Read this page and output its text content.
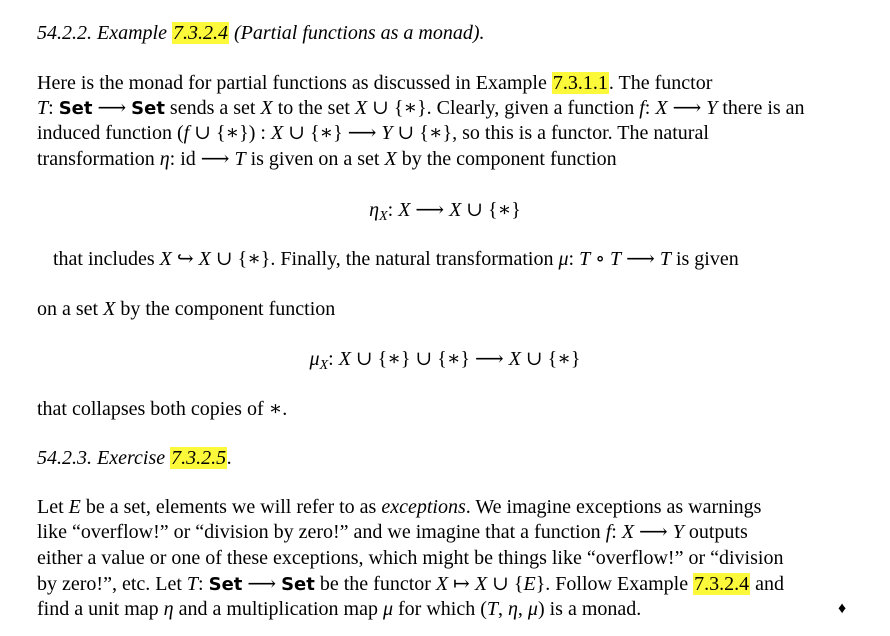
54.2.2. Example 7.3.2.4 (Partial functions as a monad).
Here is the monad for partial functions as discussed in Example 7.3.1.1. The functor
T: Set ⟶ Set sends a set X to the set X ∪ {∗}. Clearly, given a function f: X ⟶ Y there is an
induced function (f ∪ {∗}) : X ∪ {∗} ⟶ Y ∪ {∗}, so this is a functor. The natural
transformation η: id ⟶ T is given on a set X by the component function
$\eta_X$: X ⟶ X ∪ {∗}
that includes X ↪ X ∪ {∗}. Finally, the natural transformation μ: T ∘ T ⟶ T is given
on a set X by the component function
$\mu_X$: X ∪ {∗} ∪ {∗} ⟶ X ∪ {∗}
that collapses both copies of ∗.
54.2.3. Exercise 7.3.2.5.
Let E be a set, elements we will refer to as exceptions. We imagine exceptions as warnings
like “overflow!” or “division by zero!” and we imagine that a function f: X ⟶ Y outputs
either a value or one of these exceptions, which might be things like “overflow!” or “division
by zero!”, etc. Let T: Set ⟶ Set be the functor X ↦ X ∪ {E}. Follow Example 7.3.2.4 and
find a unit map η and a multiplication map μ for which (T, η, μ) is a monad.	♦
